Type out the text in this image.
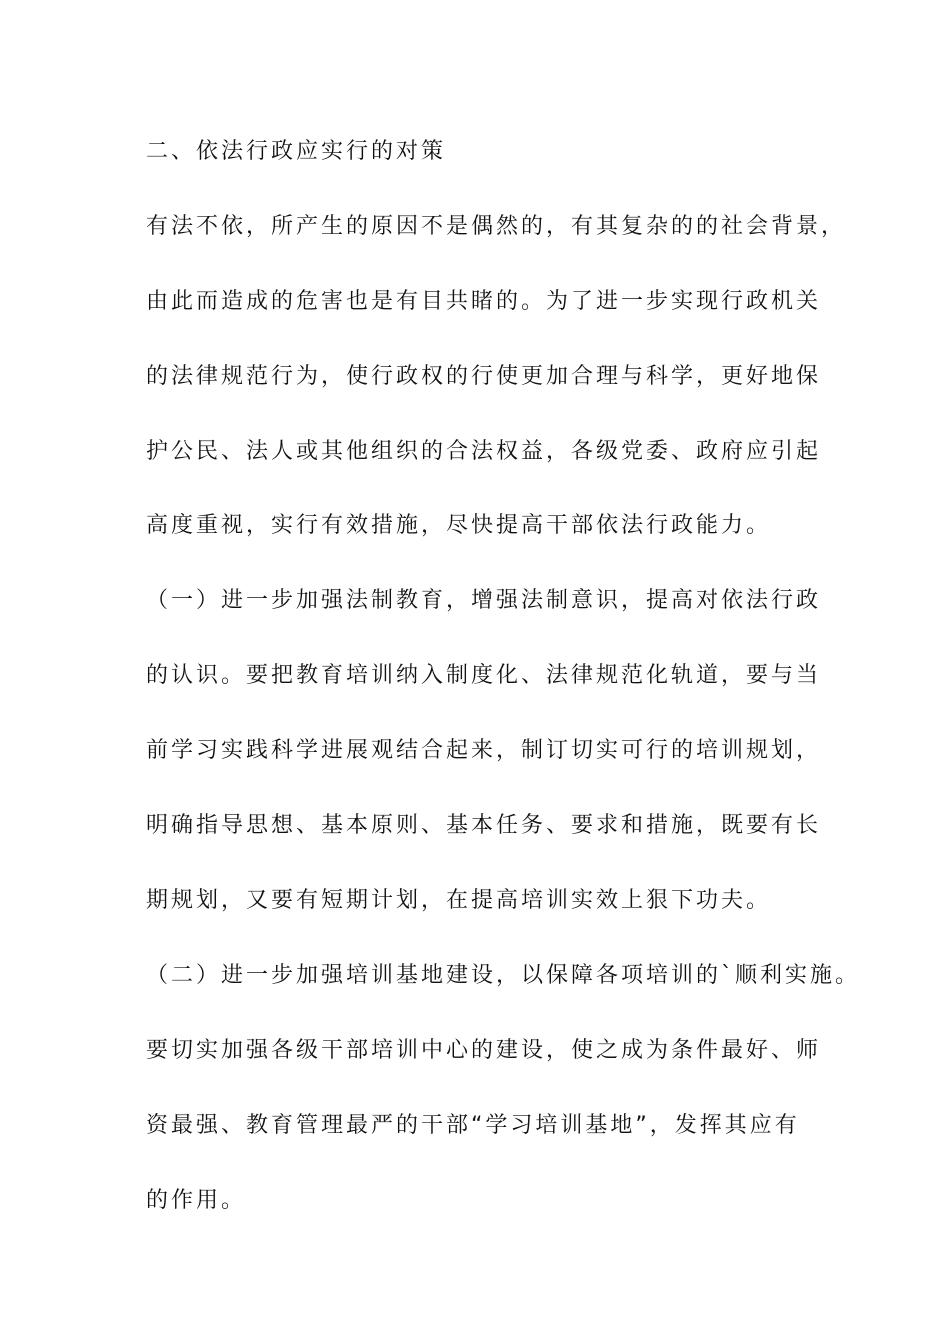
二、依法行政应实行的对策
有法不依，所产生的原因不是偶然的，有其复杂的的社会背景，
由此而造成的危害也是有目共睹的。为了进一步实现行政机关
的法律规范行为，使行政权的行使更加合理与科学，更好地保
护公民、法人或其他组织的合法权益，各级党委、政府应引起
高度重视，实行有效措施，尽快提高干部依法行政能力。
（一）进一步加强法制教育，增强法制意识，提高对依法行政
的认识。要把教育培训纳入制度化、法律规范化轨道，要与当
前学习实践科学进展观结合起来，制订切实可行的培训规划，
明确指导思想、基本原则、基本任务、要求和措施，既要有长
期规划，又要有短期计划，在提高培训实效上狠下功夫。
（二）进一步加强培训基地建设，以保障各项培训的`顺利实施。
要切实加强各级干部培训中心的建设，使之成为条件最好、师
资最强、教育管理最严的干部“学习培训基地”，发挥其应有
的作用。
